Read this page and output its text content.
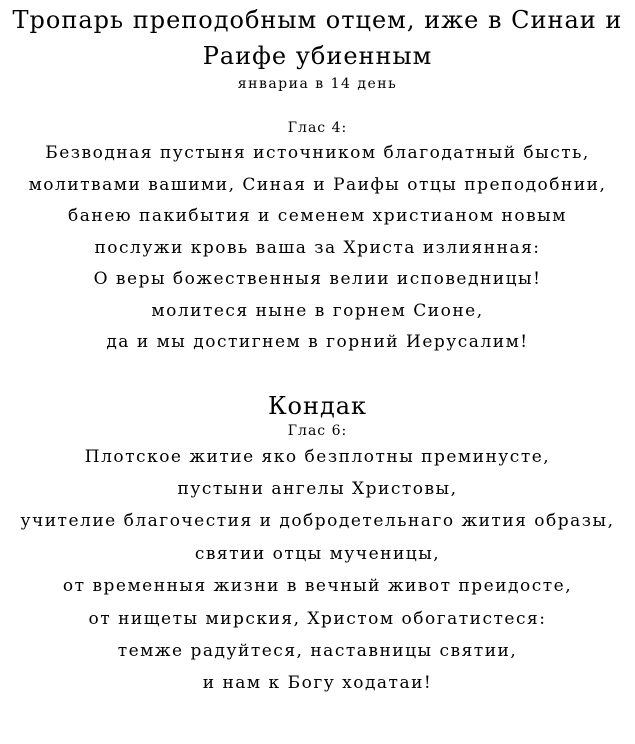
Тропарь преподобным отцем, иже в Синаи и
Раифе убиенным

январиа в 14 день

Глас 4:

Безводная пустыня источником благодатный бысть,

молитвами вашими, Синая и Раифы отцы преподобнии,

банею пакибытия и семенем христианом новым

послужи кровь ваша за Христа излиянная:

О веры божественныя велии исповедницы!

молитеся ныне в горнем Сионе,

да и мы достигнем в горний Иерусалим!

Кондак

Глас 6:

Плотское житие яко безплотны преминусте,

пустыни ангелы Христовы,

учителие благочестия и добродетельнаго жития образы,

святии отцы мученицы,

от временныя жизни в вечный живот преидосте,

от нищеты мирския, Христом обогатистеся:

темже радуйтеся, наставницы святии,

и нам к Богу ходатаи!
